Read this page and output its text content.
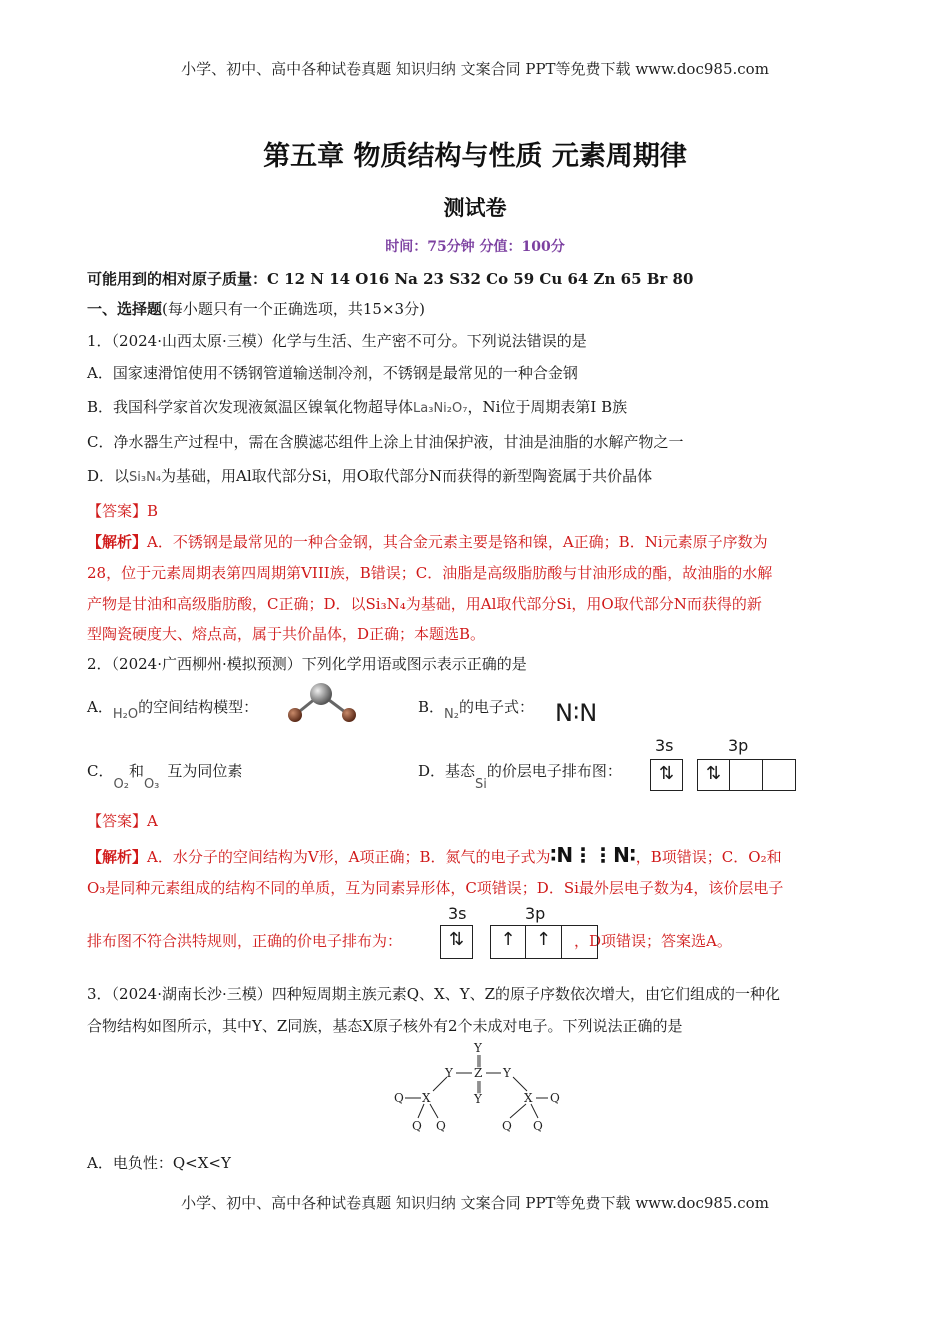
小学、初中、高中各种试卷真题 知识归纳 文案合同 PPT等免费下载 www.doc985.com
第五章 物质结构与性质 元素周期律
测试卷
时间：75分钟 分值：100分
可能用到的相对原子质量：C 12 N 14 O16 Na 23 S32 Co 59 Cu 64 Zn 65 Br 80
一、选择题(每小题只有一个正确选项，共15×3分)
1．（2024·山西太原·三模）化学与生活、生产密不可分。下列说法错误的是
A．国家速滑馆使用不锈钢管道输送制冷剂，不锈钢是最常见的一种合金钢
B．我国科学家首次发现液氮温区镍氧化物超导体La₃Ni₂O₇，Ni位于周期表第Ⅰ B族
C．净水器生产过程中，需在含膜滤芯组件上涂上甘油保护液，甘油是油脂的水解产物之一
D．以Si₃N₄为基础，用Al取代部分Si，用O取代部分N而获得的新型陶瓷属于共价晶体
【答案】B
【解析】A．不锈钢是最常见的一种合金钢，其合金元素主要是铬和镍，A正确；B．Ni元素原子序数为
28，位于元素周期表第四周期第VIII族，B错误；C．油脂是高级脂肪酸与甘油形成的酯，故油脂的水解
产物是甘油和高级脂肪酸，C正确；D．以Si₃N₄为基础，用Al取代部分Si，用O取代部分N而获得的新
型陶瓷硬度大、熔点高，属于共价晶体，D正确；本题选B。
2．（2024·广西柳州·模拟预测）下列化学用语或图示表示正确的是
A．H₂O的空间结构模型：	B．N₂的电子式： N∶N
C．O₂和O₃互为同位素	D．基态Si的价层电子排布图：
3s	3p
⇅	⇅
【答案】A
【解析】A．水分子的空间结构为V形，A项正确；B．氮气的电子式为∶N⋮⋮N∶，B项错误；C．O₂和
O₃是同种元素组成的结构不同的单质，互为同素异形体，C项错误；D．Si最外层电子数为4，该价层电子
3s	3p
排布图不符合洪特规则，正确的价电子排布为：	，D项错误；答案选A。
⇅	↑	↑
3．（2024·湖南长沙·三模）四种短周期主族元素Q、X、Y、Z的原子序数依次增大，由它们组成的一种化
合物结构如图所示，其中Y、Z同族，基态X原子核外有2个未成对电子。下列说法正确的是
Y
‖
Z
‖
Y
Y	Y
X	X
Q
Q Q
Q
Q Q
A．电负性：Q<X<Y
小学、初中、高中各种试卷真题 知识归纳 文案合同 PPT等免费下载 www.doc985.com
